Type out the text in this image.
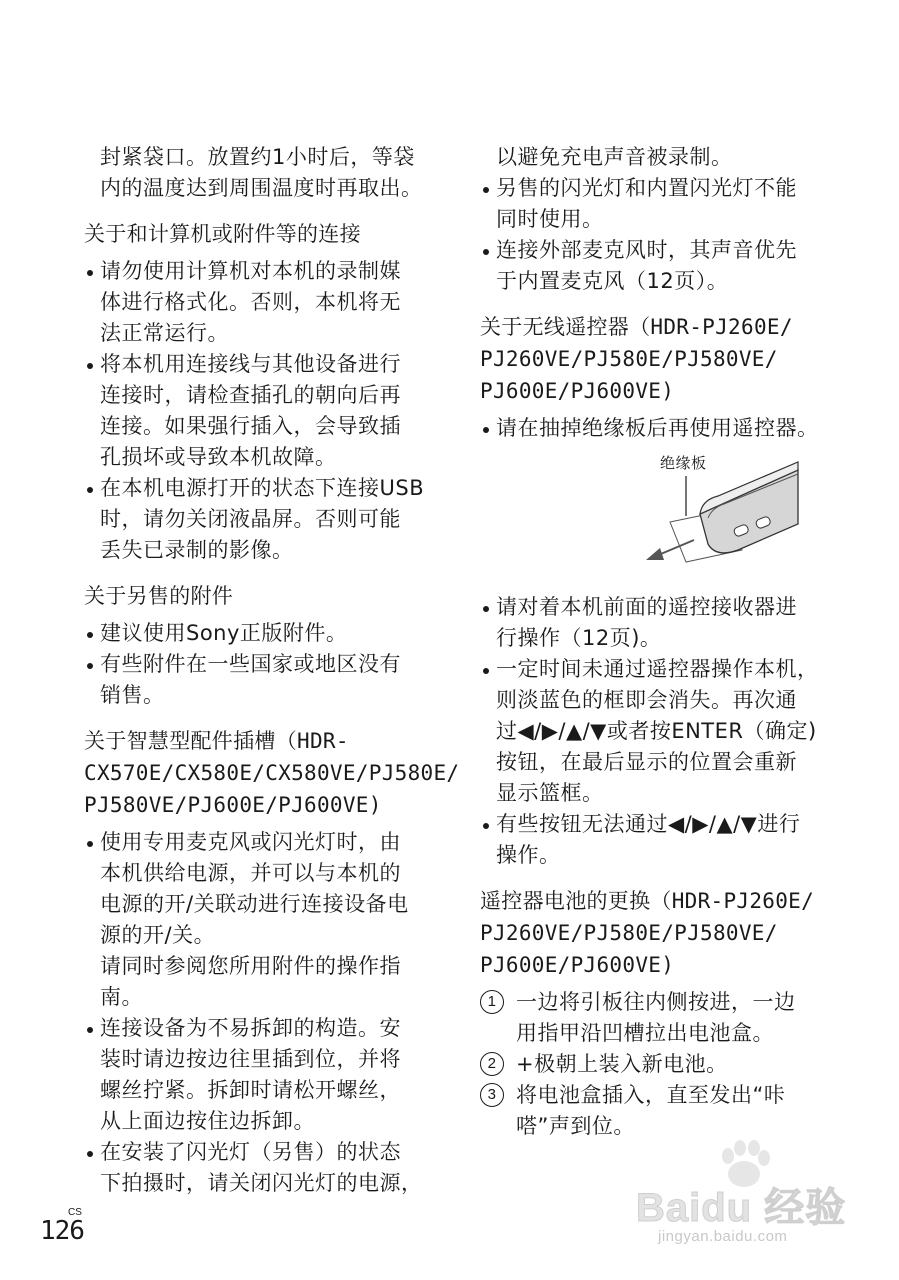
封紧袋口。放置约1小时后，等袋

内的温度达到周围温度时再取出。

关于和计算机或附件等的连接
请勿使用计算机对本机的录制媒
体进行格式化。否则，本机将无
法正常运行。
将本机用连接线与其他设备进行
连接时，请检查插孔的朝向后再
连接。如果强行插入，会导致插
孔损坏或导致本机故障。
在本机电源打开的状态下连接USB
时，请勿关闭液晶屏。否则可能
丢失已录制的影像。
关于另售的附件
建议使用Sony正版附件。
有些附件在一些国家或地区没有
销售。
关于智慧型配件插槽（HDR-
CX570E/CX580E/CX580VE/PJ580E/
PJ580VE/PJ600E/PJ600VE)
使用专用麦克风或闪光灯时，由
本机供给电源，并可以与本机的
电源的开/关联动进行连接设备电
源的开/关。
请同时参阅您所用附件的操作指
南。
连接设备为不易拆卸的构造。安
装时请边按边往里插到位，并将
螺丝拧紧。拆卸时请松开螺丝，
从上面边按住边拆卸。
在安装了闪光灯（另售）的状态
下拍摄时，请关闭闪光灯的电源，

以避免充电声音被录制。

另售的闪光灯和内置闪光灯不能
同时使用。
连接外部麦克风时，其声音优先
于内置麦克风（12页）。
关于无线遥控器（HDR-PJ260E/
PJ260VE/PJ580E/PJ580VE/
PJ600E/PJ600VE)
请在抽掉绝缘板后再使用遥控器。
绝缘板
请对着本机前面的遥控接收器进
行操作（12页)。
一定时间未通过遥控器操作本机，
则淡蓝色的框即会消失。再次通
过◀/▶/▲/▼或者按ENTER（确定)
按钮，在最后显示的位置会重新
显示篮框。
有些按钮无法通过◀/▶/▲/▼进行
操作。
遥控器电池的更换（HDR-PJ260E/
PJ260VE/PJ580E/PJ580VE/
PJ600E/PJ600VE)
1 一边将引板往内侧按进，一边
用指甲沿凹槽拉出电池盒。
2 +极朝上装入新电池。
3 将电池盒插入，直至发出“咔
嗒”声到位。
CS
126
Baidu 经验
jingyan.baidu.com
